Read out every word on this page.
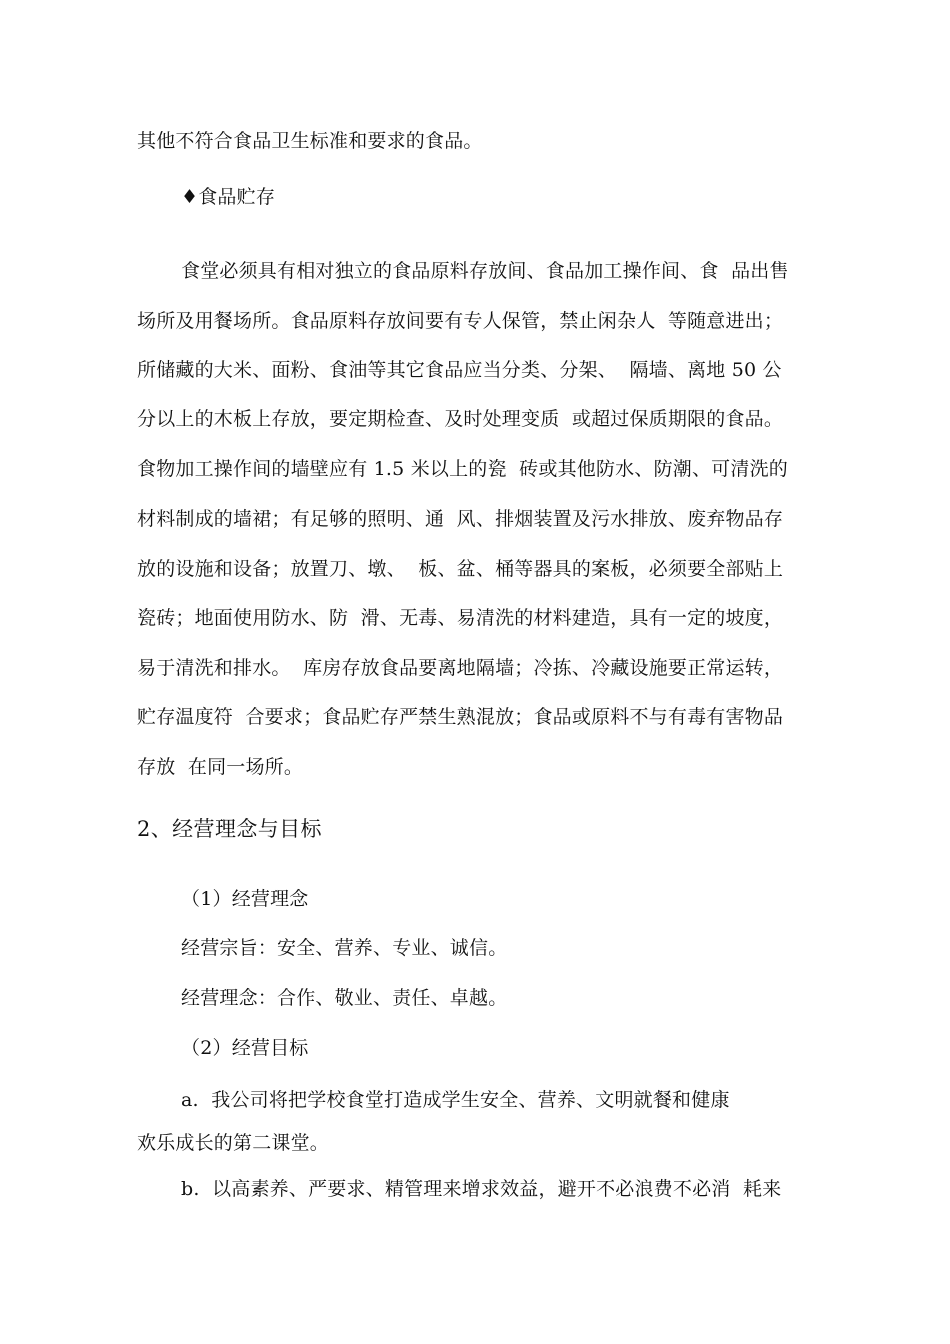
其他不符合食品卫生标准和要求的食品。
♦食品贮存
食堂必须具有相对独立的食品原料存放间、食品加工操作间、食  品出售
场所及用餐场所。食品原料存放间要有专人保管，禁止闲杂人  等随意进出；
所储藏的大米、面粉、食油等其它食品应当分类、分架、  隔墙、离地 50 公
分以上的木板上存放，要定期检查、及时处理变质  或超过保质期限的食品。
食物加工操作间的墙壁应有 1.5 米以上的瓷  砖或其他防水、防潮、可清洗的
材料制成的墙裙；有足够的照明、通  风、排烟装置及污水排放、废弃物品存
放的设施和设备；放置刀、墩、  板、盆、桶等器具的案板，必须要全部贴上
瓷砖；地面使用防水、防  滑、无毒、易清洗的材料建造，具有一定的坡度，
易于清洗和排水。  库房存放食品要离地隔墙；冷拣、冷藏设施要正常运转，
贮存温度符  合要求；食品贮存严禁生熟混放；食品或原料不与有毒有害物品
存放  在同一场所。
2、经营理念与目标
（1）经营理念
经营宗旨：安全、营养、专业、诚信。
经营理念：合作、敬业、责任、卓越。
（2）经营目标
a.  我公司将把学校食堂打造成学生安全、营养、文明就餐和健康
欢乐成长的第二课堂。
b.  以高素养、严要求、精管理来增求效益，避开不必浪费不必消  耗来
